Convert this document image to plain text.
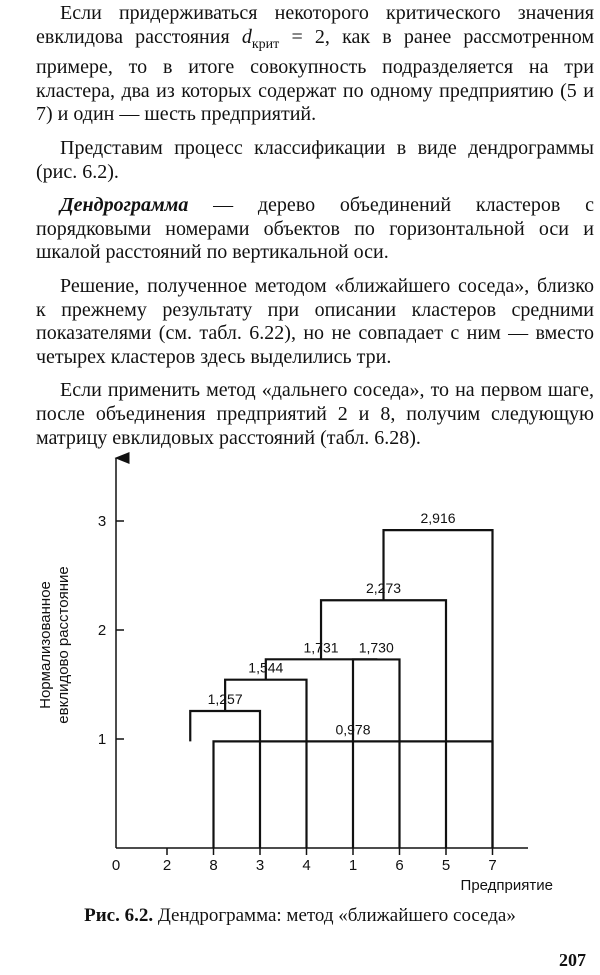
Если придерживаться некоторого критического значения евклидова расстояния $d_{крит} = 2$, как в ранее рассмотренном примере, то в итоге совокупность подразделяется на три кластера, два из которых содержат по одному предприятию (5 и 7) и один — шесть предприятий.

Представим процесс классификации в виде дендрограммы (рис. 6.2).

Дендрограмма — дерево объединений кластеров с порядковыми номерами объектов по горизонтальной оси и шкалой расстояний по вертикальной оси.

Решение, полученное методом «ближайшего соседа», близко к прежнему результату при описании кластеров средними показателями (см. табл. 6.22), но не совпадает с ним — вместо четырех кластеров здесь выделились три.

Если применить метод «дальнего соседа», то на первом шаге, после объединения предприятий 2 и 8, получим следующую матрицу евклидовых расстояний (табл. 6.28).

1
2
3
0,978
1,257
1,544
1,730
1,731
2,273
2,916
2	8	3	4	1	6	5	7
0
Предприятие
Нормализованное евклидово расстояние
Рис. 6.2. Дендрограмма: метод «ближайшего соседа»
207
